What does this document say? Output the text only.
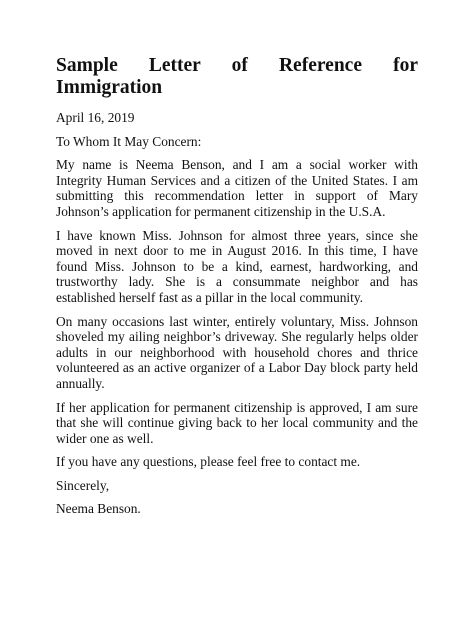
Sample Letter of Reference for
Immigration

April 16, 2019

To Whom It May Concern:

My name is Neema Benson, and I am a social worker with Integrity Human Services and a citizen of the United States. I am submitting this recommendation letter in support of Mary Johnson’s application for permanent citizenship in the U.S.A.

I have known Miss. Johnson for almost three years, since she moved in next door to me in August 2016. In this time, I have found Miss. Johnson to be a kind, earnest, hardworking, and trustworthy lady. She is a consummate neighbor and has established herself fast as a pillar in the local community.

On many occasions last winter, entirely voluntary, Miss. Johnson shoveled my ailing neighbor’s driveway. She regularly helps older adults in our neighborhood with household chores and thrice volunteered as an active organizer of a Labor Day block party held annually.

If her application for permanent citizenship is approved, I am sure that she will continue giving back to her local community and the wider one as well.

If you have any questions, please feel free to contact me.

Sincerely,

Neema Benson.
